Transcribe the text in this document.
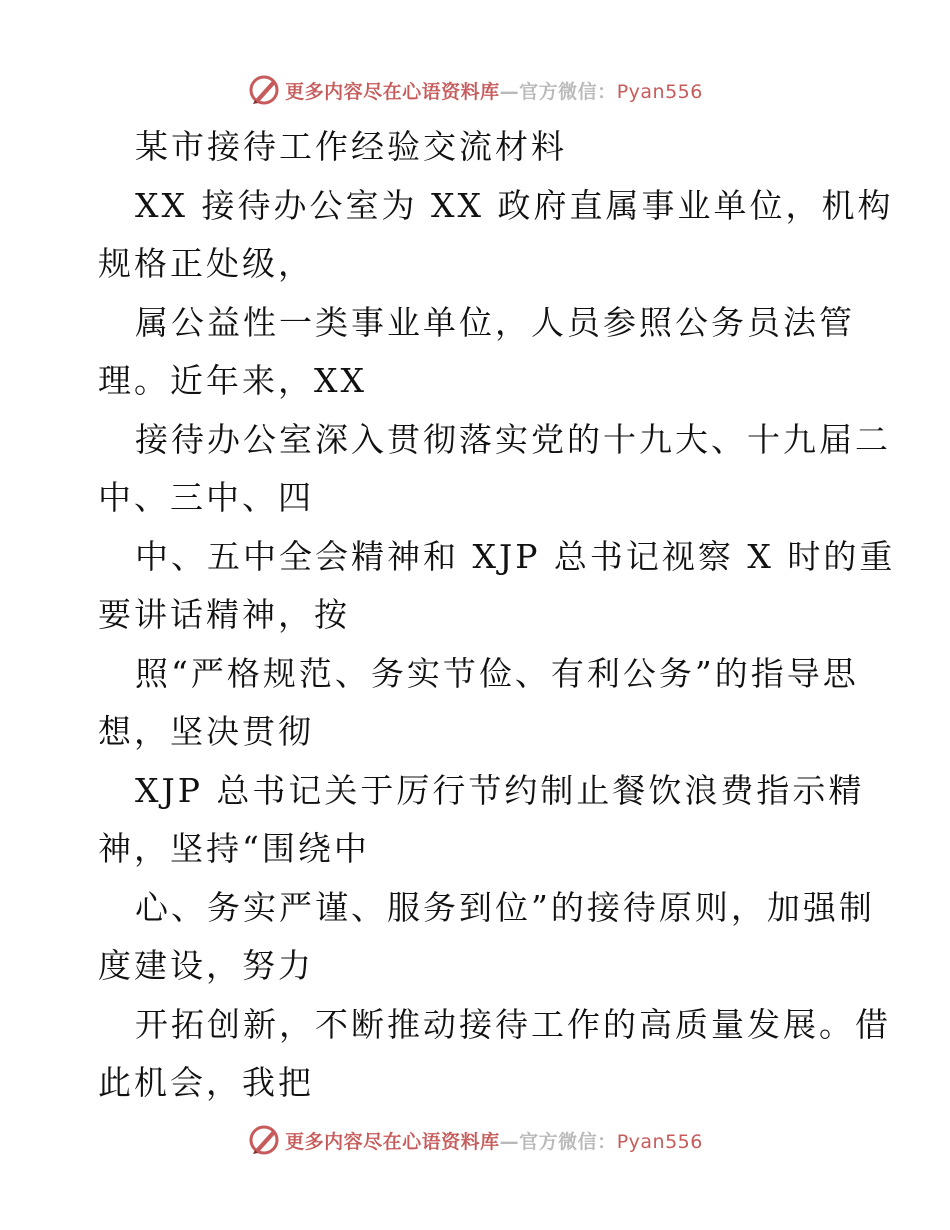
更多内容尽在心语资料库—官方微信：Pyan556
某市接待工作经验交流材料
XX 接待办公室为 XX 政府直属事业单位，机构
规格正处级，
属公益性一类事业单位，人员参照公务员法管
理。近年来，XX
接待办公室深入贯彻落实党的十九大、十九届二
中、三中、四
中、五中全会精神和 XJP 总书记视察 X 时的重
要讲话精神，按
照“严格规范、务实节俭、有利公务”的指导思
想，坚决贯彻
XJP 总书记关于厉行节约制止餐饮浪费指示精
神，坚持“围绕中
心、务实严谨、服务到位”的接待原则，加强制
度建设，努力
开拓创新，不断推动接待工作的高质量发展。借
此机会，我把
更多内容尽在心语资料库—官方微信：Pyan556
